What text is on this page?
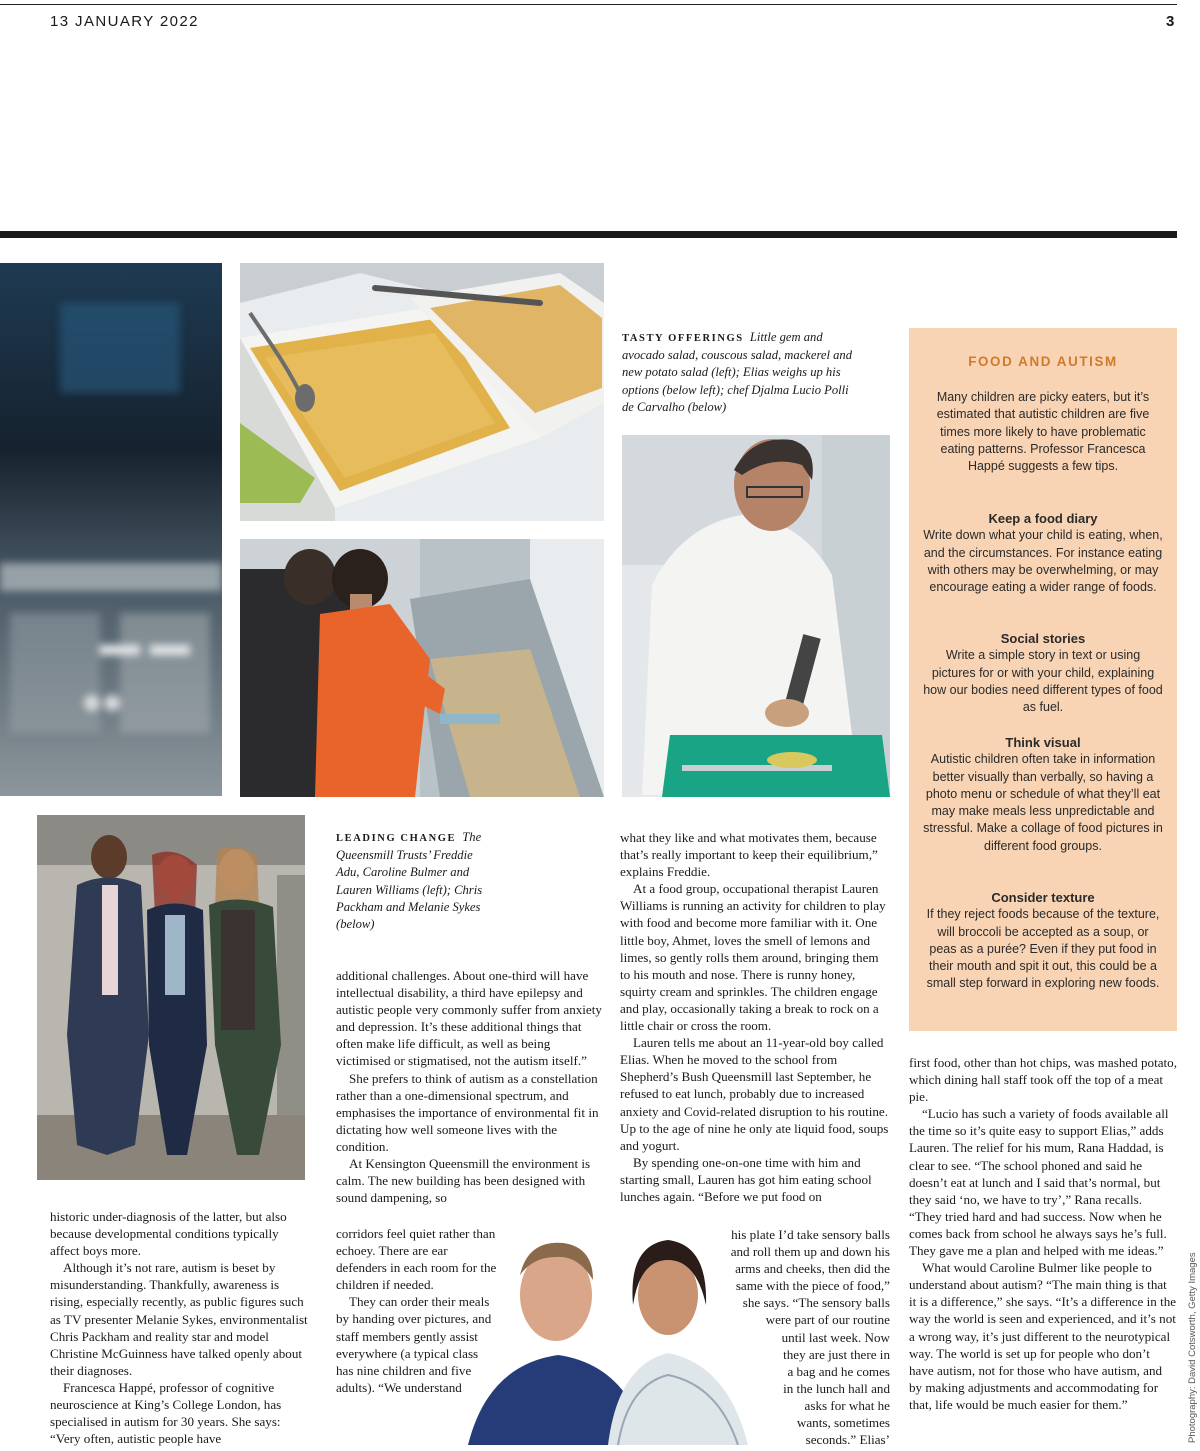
13 JANUARY 2022	3
TASTY OFFERINGS Little gem and avocado salad, couscous salad, mackerel and new potato salad (left); Elias weighs up his options (below left); chef Djalma Lucio Polli de Carvalho (below)
LEADING CHANGE The Queensmill Trusts’ Freddie Adu, Caroline Bulmer and Lauren Williams (left); Chris Packham and Melanie Sykes (below)

historic under-diagnosis of the latter, but also because developmental conditions typically affect boys more.

Although it’s not rare, autism is beset by misunderstanding. Thankfully, awareness is rising, especially recently, as public figures such as TV presenter Melanie Sykes, environmentalist Chris Packham and reality star and model Christine McGuinness have talked openly about their diagnoses.

Francesca Happé, professor of cognitive neuroscience at King’s College London, has specialised in autism for 30 years. She says: “Very often, autistic people have

additional challenges. About one-third will have intellectual disability, a third have epilepsy and autistic people very commonly suffer from anxiety and depression. It’s these additional things that often make life difficult, as well as being victimised or stigmatised, not the autism itself.”

She prefers to think of autism as a constellation rather than a one-dimensional spectrum, and emphasises the importance of environmental fit in dictating how well someone lives with the condition.

At Kensington Queensmill the environment is calm. The new building has been designed with sound dampening, so

corridors feel quiet rather than echoey. There are ear defenders in each room for the children if needed.

They can order their meals by handing over pictures, and staff members gently assist everywhere (a typical class has nine children and five adults). “We understand

what they like and what motivates them, because that’s really important to keep their equilibrium,” explains Freddie.

At a food group, occupational therapist Lauren Williams is running an activity for children to play with food and become more familiar with it. One little boy, Ahmet, loves the smell of lemons and limes, so gently rolls them around, bringing them to his mouth and nose. There is runny honey, squirty cream and sprinkles. The children engage and play, occasionally taking a break to rock on a little chair or cross the room.

Lauren tells me about an 11-year-old boy called Elias. When he moved to the school from Shepherd’s Bush Queensmill last September, he refused to eat lunch, probably due to increased anxiety and Covid-related disruption to his routine. Up to the age of nine he only ate liquid food, soups and yogurt.

By spending one-on-one time with him and starting small, Lauren has got him eating school lunches again. “Before we put food on

his plate I’d take sensory balls
and roll them up and down his
arms and cheeks, then did the
same with the piece of food,”
she says. “The sensory balls
were part of our routine
until last week. Now
they are just there in
a bag and he comes
in the lunch hall and
asks for what he
wants, sometimes
seconds.” Elias’

first food, other than hot chips, was mashed potato, which dining hall staff took off the top of a meat pie.

“Lucio has such a variety of foods available all the time so it’s quite easy to support Elias,” adds Lauren. The relief for his mum, Rana Haddad, is clear to see. “The school phoned and said he doesn’t eat at lunch and I said that’s normal, but they said ‘no, we have to try’,” Rana recalls. “They tried hard and had success. Now when he comes back from school he always says he’s full. They gave me a plan and helped with me ideas.”

What would Caroline Bulmer like people to understand about autism? “The main thing is that it is a difference,” she says. “It’s a difference in the way the world is seen and experienced, and it’s not a wrong way, it’s just different to the neurotypical way. The world is set up for people who don’t have autism, not for those who have autism, and by making adjustments and accommodating for that, life would be much easier for them.”

FOOD AND AUTISM
Many children are picky eaters, but it’s estimated that autistic children are five times more likely to have problematic eating patterns. Professor Francesca Happé suggests a few tips.
Keep a food diary
Write down what your child is eating, when, and the circumstances. For instance eating with others may be overwhelming, or may encourage eating a wider range of foods.
Social stories
Write a simple story in text or using pictures for or with your child, explaining how our bodies need different types of food as fuel.
Think visual
Autistic children often take in information better visually than verbally, so having a photo menu or schedule of what they’ll eat may make meals less unpredictable and stressful. Make a collage of food pictures in different food groups.
Consider texture
If they reject foods because of the texture, will broccoli be accepted as a soup, or peas as a purée? Even if they put food in their mouth and spit it out, this could be a small step forward in exploring new foods.
Photography: David Cotsworth, Getty Images
